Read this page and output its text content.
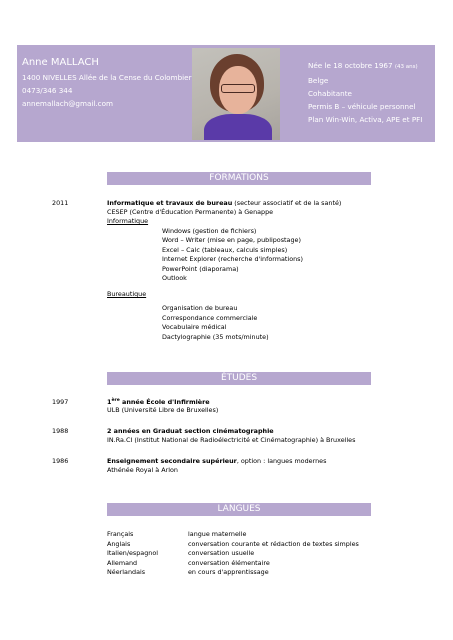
Anne MALLACH
1400 NIVELLES Allée de la Cense du Colombier
0473/346 344
annemallach@gmail.com
Née le 18 octobre 1967 (43 ans)
Belge
Cohabitante
Permis B – véhicule personnel
Plan Win-Win, Activa, APE et PFI
FORMATIONS
2011	Informatique et travaux de bureau (secteur associatif et de la santé)
CESEP (Centre d'Éducation Permanente) à Genappe
Informatique
Windows (gestion de fichiers)
Word – Writer (mise en page, publipostage)
Excel – Calc (tableaux, calculs simples)
Internet Explorer (recherche d'informations)
PowerPoint (diaporama)
Outlook
Bureautique
Organisation de bureau
Correspondance commerciale
Vocabulaire médical
Dactylographie (35 mots/minute)
ÉTUDES
1997	1ère année École d'Infirmière
ULB (Université Libre de Bruxelles)
1988	2 années en Graduat section cinématographie
IN.Ra.CI (Institut National de Radioélectricité et Cinématographie) à Bruxelles
1986	Enseignement secondaire supérieur, option : langues modernes
Athénée Royal à Arlon
LANGUES
Français	langue maternelle
Anglais	conversation courante et rédaction de textes simples
Italien/espagnol	conversation usuelle
Allemand	conversation élémentaire
Néerlandais	en cours d'apprentissage
